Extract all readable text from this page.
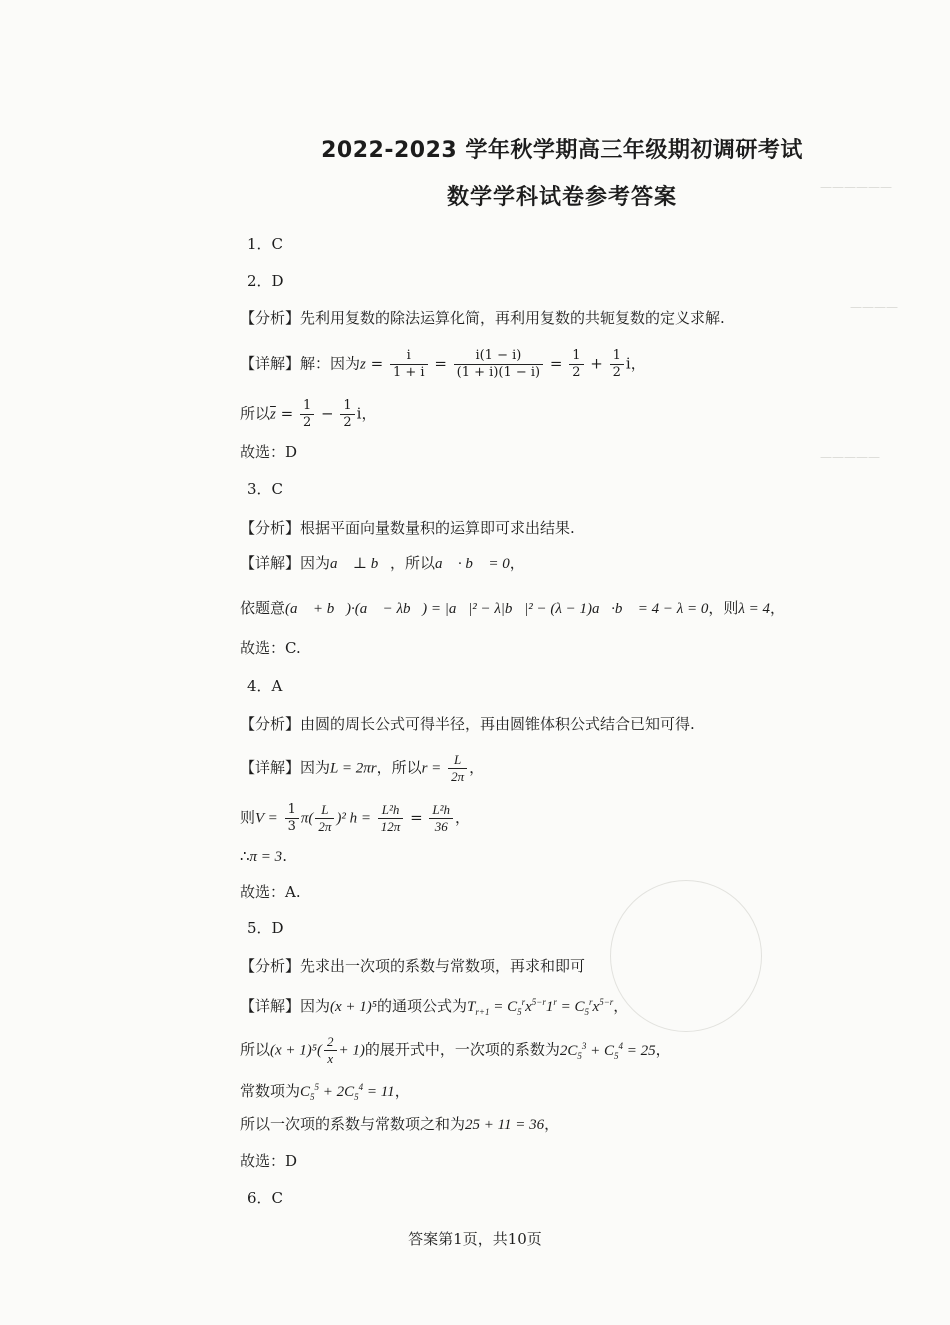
——————
————
—————
2022-2023 学年秋学期高三年级期初调研考试
数学学科试卷参考答案
1．C
2．D
【分析】先利用复数的除法运算化简，再利用复数的共轭复数的定义求解.
【详解】解：因为$z = \frac{i}{1 + i} = \frac{i(1 - i)}{(1 + i)(1 - i)} = \frac{1}{2} + \frac{1}{2}$ i，
所以$\overline{z} = \frac{1}{2} - \frac{1}{2}$ i，
故选：D
3．C
【分析】根据平面向量数量积的运算即可求出结果.
【详解】因为a⃗ ⊥ b⃗，所以a⃗ · b⃗ = 0，
依题意(a⃗ + b⃗)·(a⃗ − λb⃗) = |a⃗|² − λ|b⃗|² − (λ − 1)a⃗·b⃗ = 4 − λ = 0，则λ = 4，
故选：C.
4．A
【分析】由圆的周长公式可得半径，再由圆锥体积公式结合已知可得.
【详解】因为L = 2πr，所以$r = \frac{L}{2\pi}$ ，
则$V = \frac{1}{3} \pi( \frac{L}{2\pi} )^2$ $h = \frac{\text{L²h}}{12\pi} = \frac{\text{L²h}}{36}$ ，
∴π = 3.
故选：A.
5．D
【分析】先求出一次项的系数与常数项，再求和即可
【详解】因为(x + 1)⁵的通项公式为$T_{r+1} = C_5^rx^{5-r}1^r = C_5^rx^{5-r}$，
所以$(x + 1)^5( \frac{2}{x} + 1)$的展开式中，一次项的系数为$2C_5^3 + C_5^4 = 25$，
常数项为$C_5^5 + 2C_5^4 = 11$，
所以一次项的系数与常数项之和为25 + 11 = 36，
故选：D
6．C
答案第1页，共10页
